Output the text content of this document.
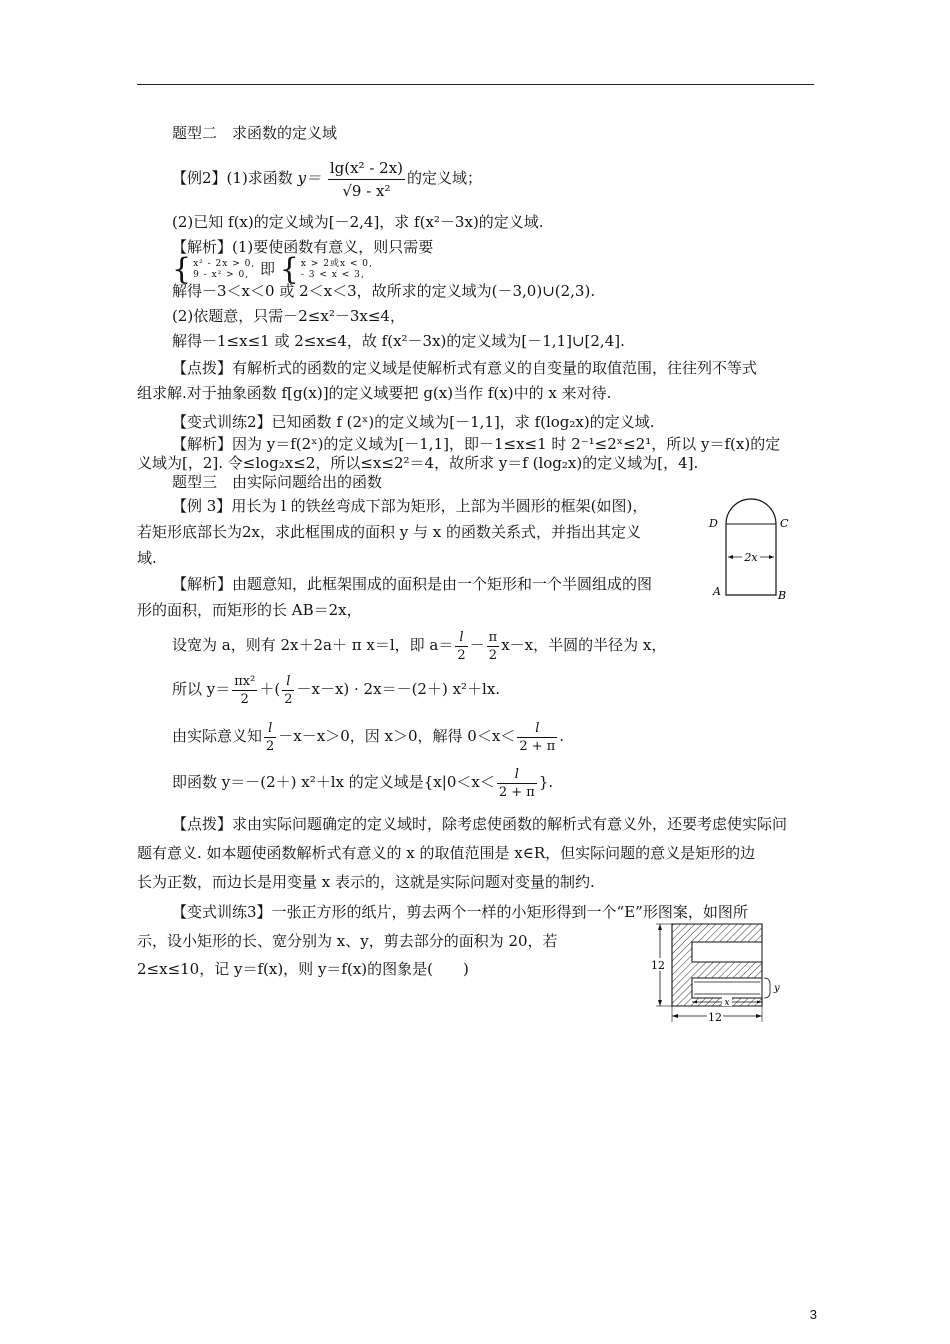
题型二　求函数的定义域
【例2】(1)求函数 $y= \frac{\text{lg(x² - 2x)}}{\text{√9 - x²}}$ 的定义域；
(2)已知 f(x)的定义域为[－2,4]，求 f(x²－3x)的定义域.
【解析】(1)要使函数有意义，则只需要
{ x² - 2x > 0,
9 - x² > 0, 即 { x > 2或x < 0,
- 3 < x < 3,
解得－3＜x＜0 或 2＜x＜3，故所求的定义域为(－3,0)∪(2,3).
(2)依题意，只需－2≤x²－3x≤4，
解得－1≤x≤1 或 2≤x≤4，故 f(x²－3x)的定义域为[－1,1]∪[2,4].
【点拨】有解析式的函数的定义域是使解析式有意义的自变量的取值范围，往往列不等式
组求解.对于抽象函数 f[g(x)]的定义域要把 g(x)当作 f(x)中的 x 来对待.
【变式训练2】已知函数 f (2ˣ)的定义域为[－1,1]，求 f(log₂x)的定义域.
【解析】因为 y＝f(2ˣ)的定义域为[－1,1]，即－1≤x≤1 时 2⁻¹≤2ˣ≤2¹，所以 y＝f(x)的定
义域为[，2]. 令≤log₂x≤2，所以≤x≤2²＝4，故所求 y＝f (log₂x)的定义域为[，4].
题型三　由实际问题给出的函数
【例 3】用长为 l 的铁丝弯成下部为矩形，上部为半圆形的框架(如图)，
若矩形底部长为2x，求此框围成的面积 y 与 x 的函数关系式，并指出其定义
域.
【解析】由题意知，此框架围成的面积是由一个矩形和一个半圆组成的图
形的面积，而矩形的长 AB＝2x，
设宽为 a，则有 2x＋2a＋ π x＝l，即 $a= \frac{l}{2} - \frac{\pi}{2} x-x$，半圆的半径为 x，
所以 $y= \frac{\text{πx²}}{2}$ ＋( $\frac{l}{2} -x-x) \cdot 2x=-(2+)$ x²＋lx.
由实际意义知 $\frac{l}{2} -x-x>0$，因 x＞0，解得 $0<x< \frac{l}{2 + \pi}$ .
即函数 y＝－(2＋) x²＋lx 的定义域是{$x|0<x< \frac{l}{2 + \pi}$ }.
2x
D	C
A	B
【点拨】求由实际问题确定的定义域时，除考虑使函数的解析式有意义外，还要考虑使实际问
题有意义. 如本题使函数解析式有意义的 x 的取值范围是 x∈R，但实际问题的意义是矩形的边
长为正数，而边长是用变量 x 表示的，这就是实际问题对变量的制约.
【变式训练3】一张正方形的纸片，剪去两个一样的小矩形得到一个“E”形图案，如图所
示，设小矩形的长、宽分别为 x、y，剪去部分的面积为 20，若
2≤x≤10，记 y＝f(x)，则 y＝f(x)的图象是(　　)	12
12
x
y
3
